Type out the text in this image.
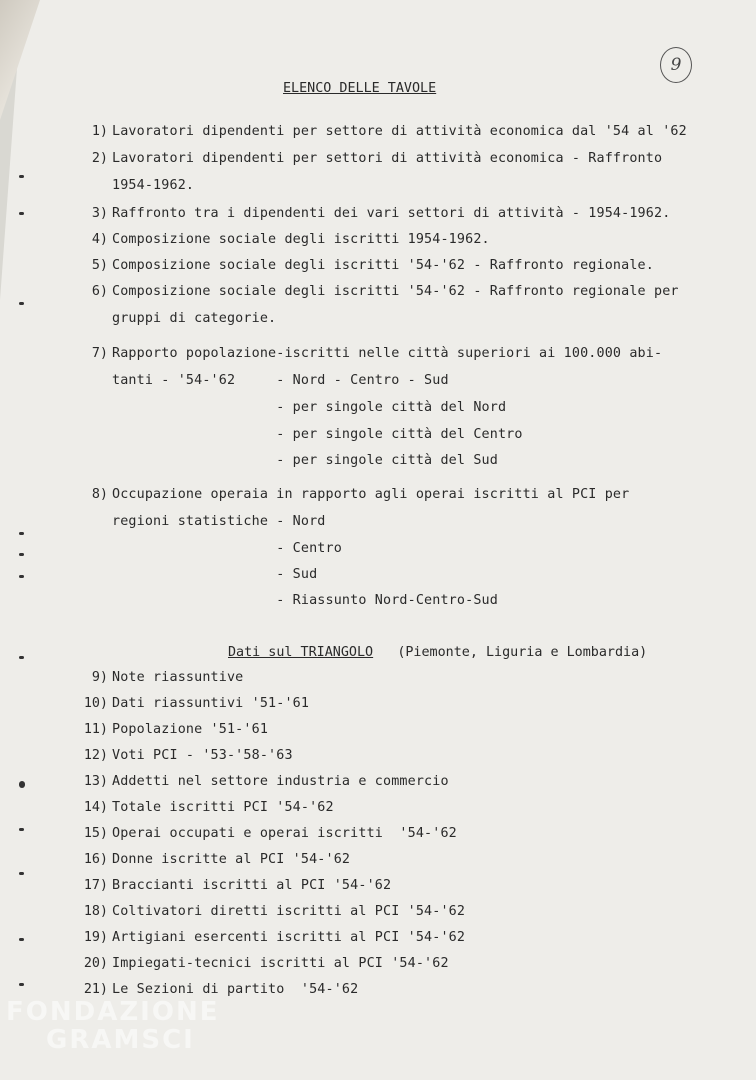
9
ELENCO DELLE TAVOLE
1) Lavoratori dipendenti per settore di attività economica dal '54 al '62
2) Lavoratori dipendenti per settori di attività economica - Raffronto
1954-1962.
3) Raffronto tra i dipendenti dei vari settori di attività - 1954-1962.
4) Composizione sociale degli iscritti 1954-1962.
5) Composizione sociale degli iscritti '54-'62 - Raffronto regionale.
6) Composizione sociale degli iscritti '54-'62 - Raffronto regionale per
gruppi di categorie.
7) Rapporto popolazione-iscritti nelle città superiori ai 100.000 abi-
tanti - '54-'62     - Nord - Centro - Sud
- per singole città del Nord
- per singole città del Centro
- per singole città del Sud
8) Occupazione operaia in rapporto agli operai iscritti al PCI per
regioni statistiche - Nord
- Centro
- Sud
- Riassunto Nord-Centro-Sud
Dati sul TRIANGOLO (Piemonte, Liguria e Lombardia)
9) Note riassuntive
10) Dati riassuntivi '51-'61
11) Popolazione '51-'61
12) Voti PCI - '53-'58-'63
13) Addetti nel settore industria e commercio
14) Totale iscritti PCI '54-'62
15) Operai occupati e operai iscritti  '54-'62
16) Donne iscritte al PCI '54-'62
17) Braccianti iscritti al PCI '54-'62
18) Coltivatori diretti iscritti al PCI '54-'62
19) Artigiani esercenti iscritti al PCI '54-'62
20) Impiegati-tecnici iscritti al PCI '54-'62
21) Le Sezioni di partito  '54-'62
FONDAZIONE
GRAMSCI
